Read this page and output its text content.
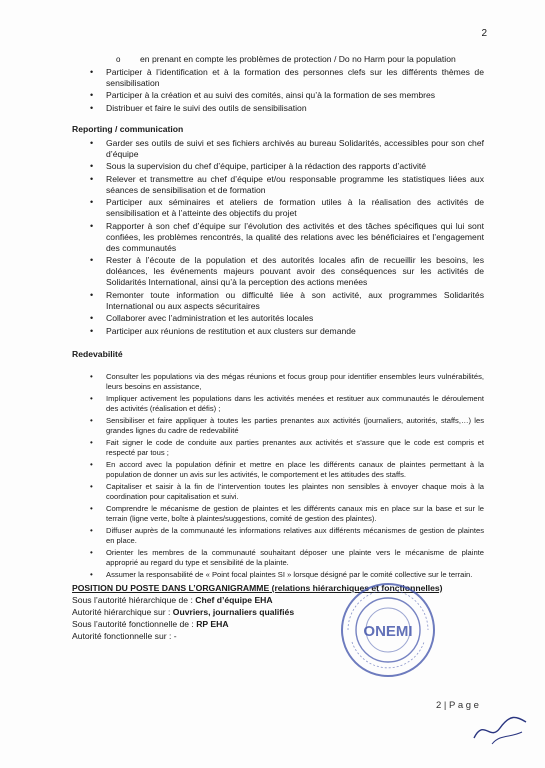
2
o en prenant en compte les problèmes de protection / Do no Harm pour la population
• Participer à l’identification et à la formation des personnes clefs sur les différents thèmes de sensibilisation
• Participer à la création et au suivi des comités, ainsi qu’à la formation de ses membres
• Distribuer et faire le suivi des outils de sensibilisation
Reporting / communication
• Garder ses outils de suivi et ses fichiers archivés au bureau Solidarités, accessibles pour son chef d’équipe
• Sous la supervision du chef d’équipe, participer à la rédaction des rapports d’activité
• Relever et transmettre au chef d’équipe et/ou responsable programme les statistiques liées aux séances de sensibilisation et de formation
• Participer aux séminaires et ateliers de formation utiles à la réalisation des activités de sensibilisation et à l’atteinte des objectifs du projet
• Rapporter à son chef d’équipe sur l’évolution des activités et des tâches spécifiques qui lui sont confiées, les problèmes rencontrés, la qualité des relations avec les bénéficiaires et l’engagement des communautés
• Rester à l’écoute de la population et des autorités locales afin de recueillir les besoins, les doléances, les événements majeurs pouvant avoir des conséquences sur les activités de Solidarités International, ainsi qu’à la perception des actions menées
• Remonter toute information ou difficulté liée à son activité, aux programmes Solidarités International ou aux aspects sécuritaires
• Collaborer avec l’administration et les autorités locales
• Participer aux réunions de restitution et aux clusters sur demande
Redevabilité
• Consulter les populations via des mégas réunions et focus group pour identifier ensembles leurs vulnérabilités, leurs besoins en assistance,
• Impliquer activement les populations dans les activités menées et restituer aux communautés le déroulement des activités (réalisation et défis) ;
• Sensibiliser et faire appliquer à toutes les parties prenantes aux activités (journaliers, autorités, staffs,…) les grandes lignes du cadre de redevabilité
• Fait signer le code de conduite aux parties prenantes aux activités et s’assure que le code est compris et respecté par tous ;
• En accord avec la population définir et mettre en place les différents canaux de plaintes permettant à la population de donner un avis sur les activités, le comportement et les attitudes des staffs.
• Capitaliser et saisir à la fin de l’intervention toutes les plaintes non sensibles à envoyer chaque mois à la coordination pour capitalisation et suivi.
• Comprendre le mécanisme de gestion de plaintes et les différents canaux mis en place sur la base et sur le terrain (ligne verte, boîte à plaintes/suggestions, comité de gestion des plaintes).
• Diffuser auprès de la communauté les informations relatives aux différents mécanismes de gestion de plaintes en place.
• Orienter les membres de la communauté souhaitant déposer une plainte vers le mécanisme de plainte approprié au regard du type et sensibilité de la plainte.
• Assumer la responsabilité de « Point focal plaintes SI » lorsque désigné par le comité collective sur le terrain.
POSITION DU POSTE DANS L’ORGANIGRAMME (relations hiérarchiques et fonctionnelles)
Sous l’autorité hiérarchique de : Chef d’équipe EHA
Autorité hiérarchique sur : Ouvriers, journaliers qualifiés
Sous l’autorité fonctionnelle de : RP EHA
Autorité fonctionnelle sur : -	ONEMI
2 | P a g e
